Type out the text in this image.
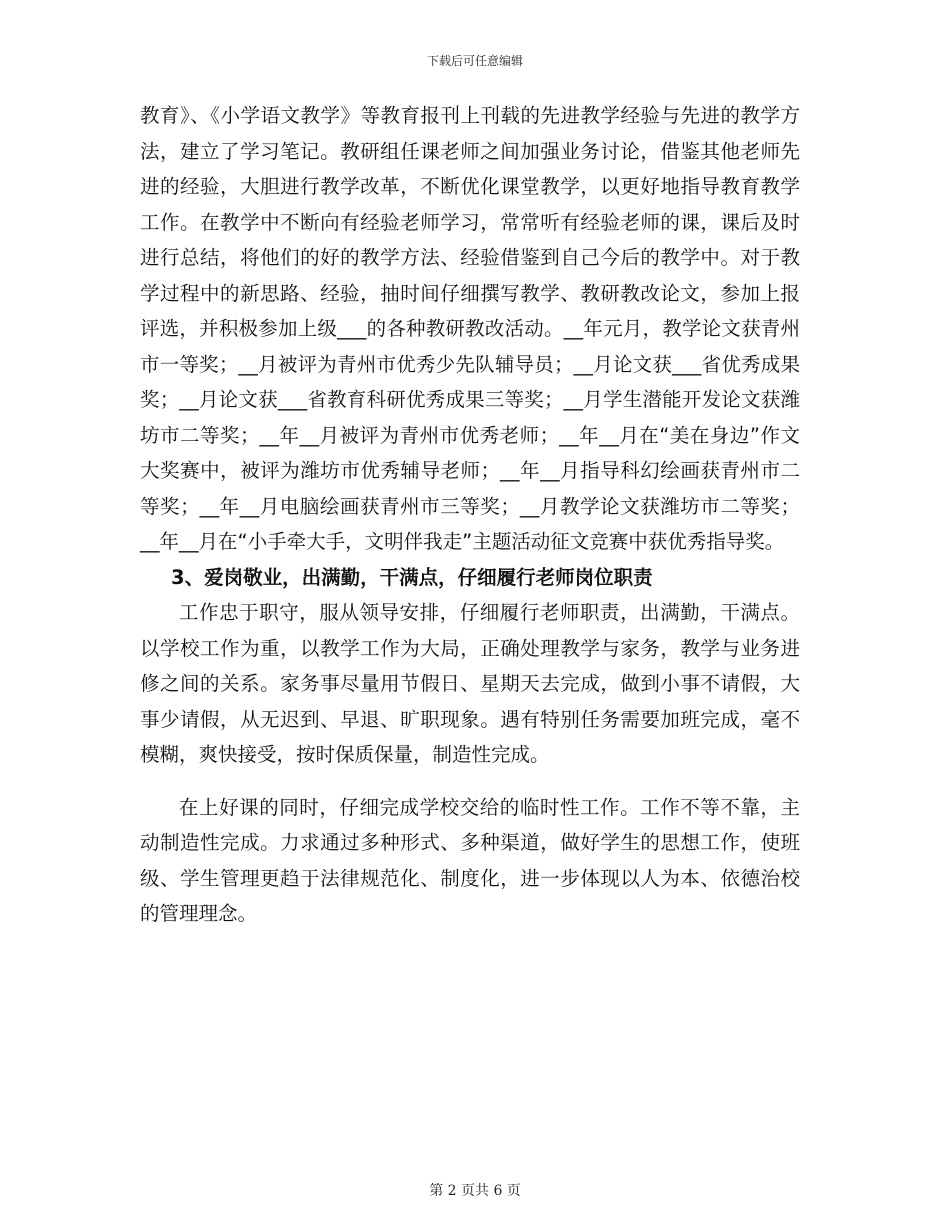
下载后可任意编辑

教育》、《小学语文教学》等教育报刊上刊载的先进教学经验与先进的教学方法，建立了学习笔记。教研组任课老师之间加强业务讨论，借鉴其他老师先进的经验，大胆进行教学改革，不断优化课堂教学，以更好地指导教育教学工作。在教学中不断向有经验老师学习，常常听有经验老师的课，课后及时进行总结，将他们的好的教学方法、经验借鉴到自己今后的教学中。对于教学过程中的新思路、经验，抽时间仔细撰写教学、教研教改论文，参加上报评选，并积极参加上级___的各种教研教改活动。__年元月，教学论文获青州市一等奖；__月被评为青州市优秀少先队辅导员；__月论文获___省优秀成果奖；__月论文获___省教育科研优秀成果三等奖；__月学生潜能开发论文获潍坊市二等奖；__年__月被评为青州市优秀老师；__年__月在“美在身边”作文大奖赛中，被评为潍坊市优秀辅导老师；__年__月指导科幻绘画获青州市二等奖；__年__月电脑绘画获青州市三等奖；__月教学论文获潍坊市二等奖；__年__月在“小手牵大手，文明伴我走”主题活动征文竞赛中获优秀指导奖。

3、爱岗敬业，出满勤，干满点，仔细履行老师岗位职责

工作忠于职守，服从领导安排，仔细履行老师职责，出满勤，干满点。以学校工作为重，以教学工作为大局，正确处理教学与家务，教学与业务进修之间的关系。家务事尽量用节假日、星期天去完成，做到小事不请假，大事少请假，从无迟到、早退、旷职现象。遇有特别任务需要加班完成，毫不模糊，爽快接受，按时保质保量，制造性完成。

在上好课的同时，仔细完成学校交给的临时性工作。工作不等不靠，主动制造性完成。力求通过多种形式、多种渠道，做好学生的思想工作，使班级、学生管理更趋于法律规范化、制度化，进一步体现以人为本、依德治校的管理理念。

第 2 页共 6 页
